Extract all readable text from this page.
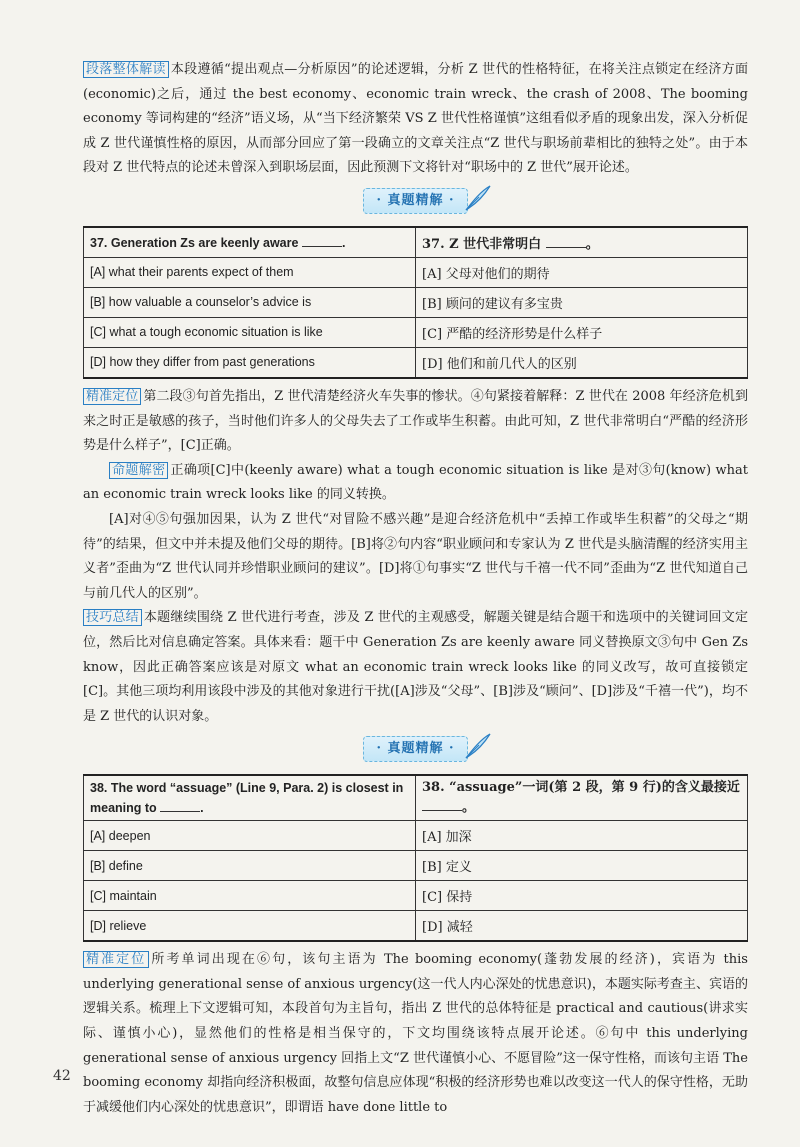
段落整体解读 本段遵循“提出观点—分析原因”的论述逻辑，分析 Z 世代的性格特征，在将关注点锁定在经济方面(economic)之后，通过 the best economy、economic train wreck、the crash of 2008、The booming economy 等词构建的“经济”语义场，从“当下经济繁荣 VS Z 世代性格谨慎”这组看似矛盾的现象出发，深入分析促成 Z 世代谨慎性格的原因，从而部分回应了第一段确立的文章关注点“Z 世代与职场前辈相比的独特之处”。由于本段对 Z 世代特点的论述未曾深入到职场层面，因此预测下文将针对“职场中的 Z 世代”展开论述。

· 真题精解 ·
37. Generation Zs are keenly aware .	37. Z 世代非常明白 。
[A] what their parents expect of them	[A] 父母对他们的期待
[B] how valuable a counselor’s advice is	[B] 顾问的建议有多宝贵
[C] what a tough economic situation is like	[C] 严酷的经济形势是什么样子
[D] how they differ from past generations	[D] 他们和前几代人的区别

精准定位 第二段③句首先指出，Z 世代清楚经济火车失事的惨状。④句紧接着解释：Z 世代在 2008 年经济危机到来之时正是敏感的孩子，当时他们许多人的父母失去了工作或毕生积蓄。由此可知，Z 世代非常明白“严酷的经济形势是什么样子”，[C]正确。

命题解密 正确项[C]中(keenly aware) what a tough economic situation is like 是对③句(know) what an economic train wreck looks like 的同义转换。

[A]对④⑤句强加因果，认为 Z 世代“对冒险不感兴趣”是迎合经济危机中“丢掉工作或毕生积蓄”的父母之“期待”的结果，但文中并未提及他们父母的期待。[B]将②句内容“职业顾问和专家认为 Z 世代是头脑清醒的经济实用主义者”歪曲为“Z 世代认同并珍惜职业顾问的建议”。[D]将①句事实“Z 世代与千禧一代不同”歪曲为“Z 世代知道自己与前几代人的区别”。

技巧总结 本题继续围绕 Z 世代进行考查，涉及 Z 世代的主观感受，解题关键是结合题干和选项中的关键词回文定位，然后比对信息确定答案。具体来看：题干中 Generation Zs are keenly aware 同义替换原文③句中 Gen Zs know，因此正确答案应该是对原文 what an economic train wreck looks like 的同义改写，故可直接锁定[C]。其他三项均利用该段中涉及的其他对象进行干扰([A]涉及“父母”、[B]涉及“顾问”、[D]涉及“千禧一代”)，均不是 Z 世代的认识对象。

· 真题精解 ·
38. The word “assuage” (Line 9, Para. 2) is closest in meaning to .	38. “assuage”一词(第 2 段，第 9 行)的含义最接近。
[A] deepen	[A] 加深
[B] define	[B] 定义
[C] maintain	[C] 保持
[D] relieve	[D] 减轻

精准定位 所考单词出现在⑥句，该句主语为 The booming economy(蓬勃发展的经济)，宾语为 this underlying generational sense of anxious urgency(这一代人内心深处的忧患意识)，本题实际考查主、宾语的逻辑关系。梳理上下文逻辑可知，本段首句为主旨句，指出 Z 世代的总体特征是 practical and cautious(讲求实际、谨慎小心)，显然他们的性格是相当保守的，下文均围绕该特点展开论述。⑥句中 this underlying generational sense of anxious urgency 回指上文“Z 世代谨慎小心、不愿冒险”这一保守性格，而该句主语 The booming economy 却指向经济积极面，故整句信息应体现“积极的经济形势也难以改变这一代人的保守性格，无助于减缓他们内心深处的忧患意识”，即谓语 have done little to

42
